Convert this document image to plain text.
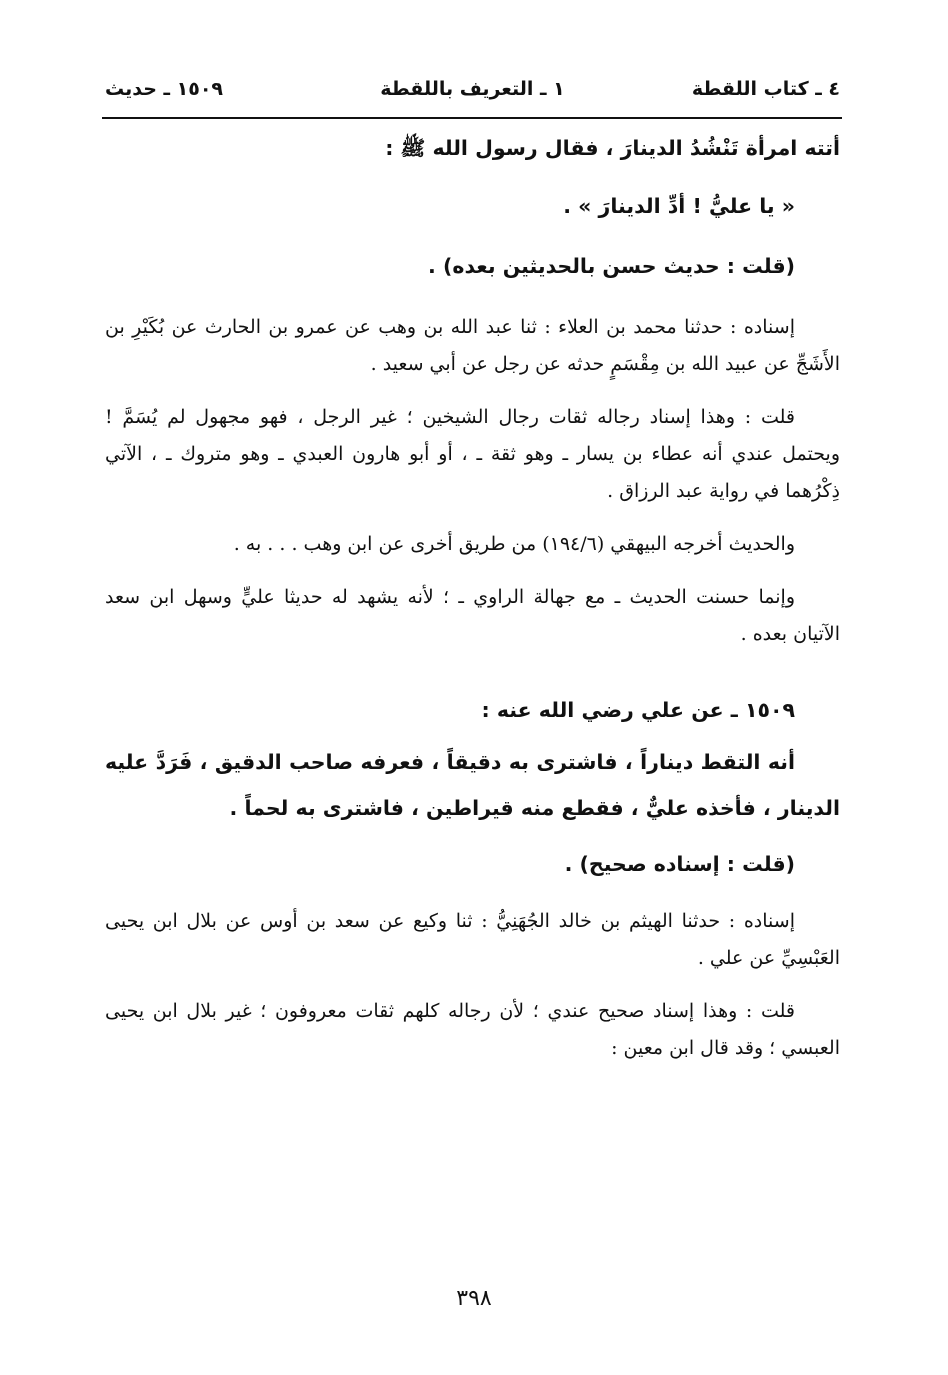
٤ ـ كتاب اللقطة
١ ـ التعريف باللقطة
١٥٠٩ ـ حديث

أتته امرأة تَنْشُدُ الدينارَ ، فقال رسول الله ﷺ :

« يا عليُّ ! أدِّ الدينارَ » .

(قلت : حديث حسن بالحديثين بعده) .

إسناده : حدثنا محمد بن العلاء : ثنا عبد الله بن وهب عن عمرو بن الحارث عن بُكَيْرِ بن الأَشَجِّ عن عبيد الله بن مِقْسَمٍ حدثه عن رجل عن أبي سعيد .

قلت : وهذا إسناد رجاله ثقات رجال الشيخين ؛ غير الرجل ، فهو مجهول لم يُسَمَّ ! ويحتمل عندي أنه عطاء بن يسار ـ وهو ثقة ـ ، أو أبو هارون العبدي ـ وهو متروك ـ ، الآتي ذِكْرُهما في رواية عبد الرزاق .

والحديث أخرجه البيهقي (١٩٤/٦) من طريق أخرى عن ابن وهب . . . به .

وإنما حسنت الحديث ـ مع جهالة الراوي ـ ؛ لأنه يشهد له حديثا عليٍّ وسهل ابن سعد الآتيان بعده .

١٥٠٩ ـ عن علي رضي الله عنه :

أنه التقط ديناراً ، فاشترى به دقيقاً ، فعرفه صاحب الدقيق ، فَرَدَّ عليه الدينار ، فأخذه عليٌّ ، فقطع منه قيراطين ، فاشترى به لحماً .

(قلت : إسناده صحيح) .

إسناده : حدثنا الهيثم بن خالد الجُهَنِيُّ : ثنا وكيع عن سعد بن أوس عن بلال ابن يحيى العَبْسِيِّ عن علي .

قلت : وهذا إسناد صحيح عندي ؛ لأن رجاله كلهم ثقات معروفون ؛ غير بلال ابن يحيى العبسي ؛ وقد قال ابن معين :

٣٩٨
